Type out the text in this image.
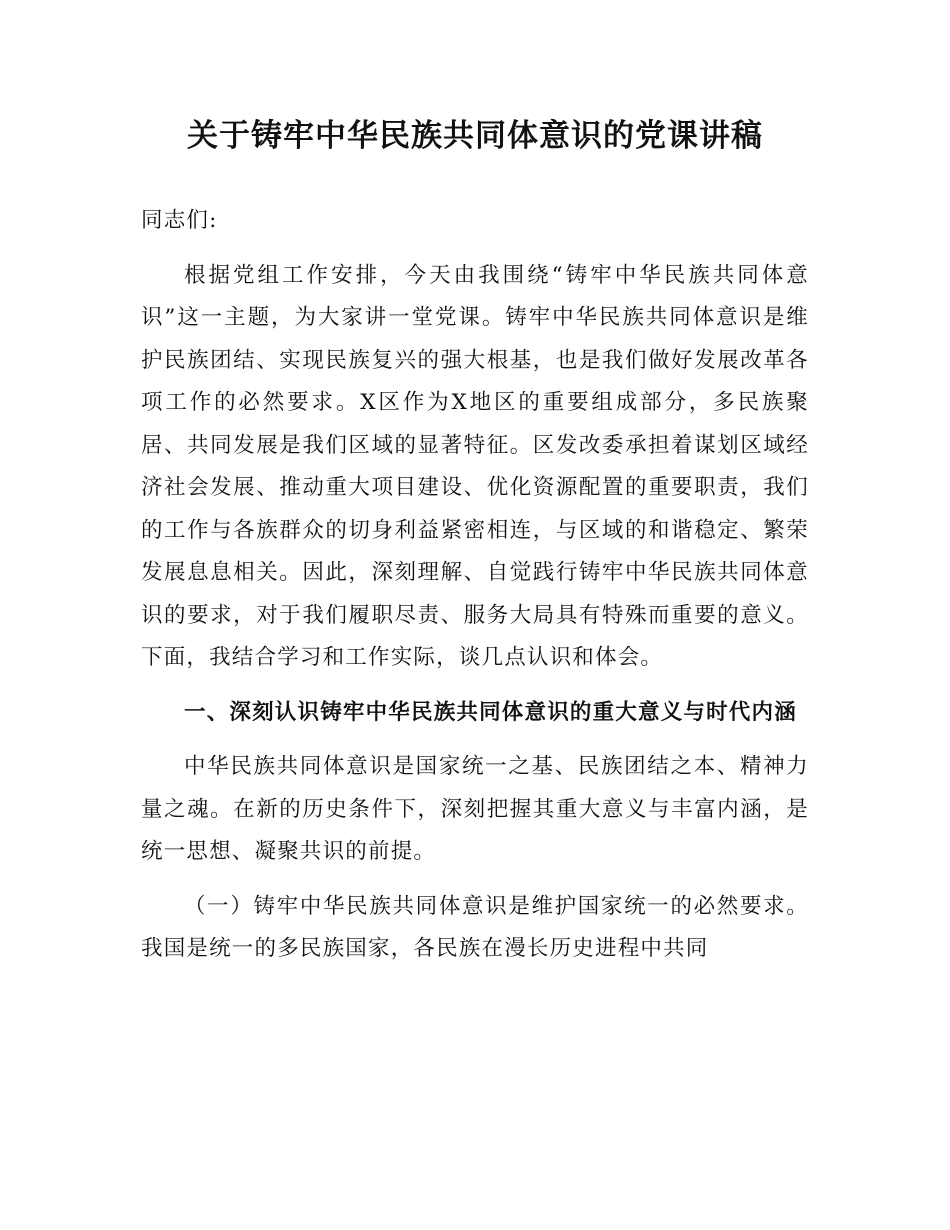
关于铸牢中华民族共同体意识的党课讲稿

同志们:

根据党组工作安排，今天由我围绕“铸牢中华民族共同体意识”这一主题，为大家讲一堂党课。铸牢中华民族共同体意识是维护民族团结、实现民族复兴的强大根基，也是我们做好发展改革各项工作的必然要求。X区作为X地区的重要组成部分，多民族聚居、共同发展是我们区域的显著特征。区发改委承担着谋划区域经济社会发展、推动重大项目建设、优化资源配置的重要职责，我们的工作与各族群众的切身利益紧密相连，与区域的和谐稳定、繁荣发展息息相关。因此，深刻理解、自觉践行铸牢中华民族共同体意识的要求，对于我们履职尽责、服务大局具有特殊而重要的意义。下面，我结合学习和工作实际，谈几点认识和体会。

一、深刻认识铸牢中华民族共同体意识的重大意义与时代内涵

中华民族共同体意识是国家统一之基、民族团结之本、精神力量之魂。在新的历史条件下，深刻把握其重大意义与丰富内涵，是统一思想、凝聚共识的前提。

（一）铸牢中华民族共同体意识是维护国家统一的必然要求。我国是统一的多民族国家，各民族在漫长历史进程中共同
